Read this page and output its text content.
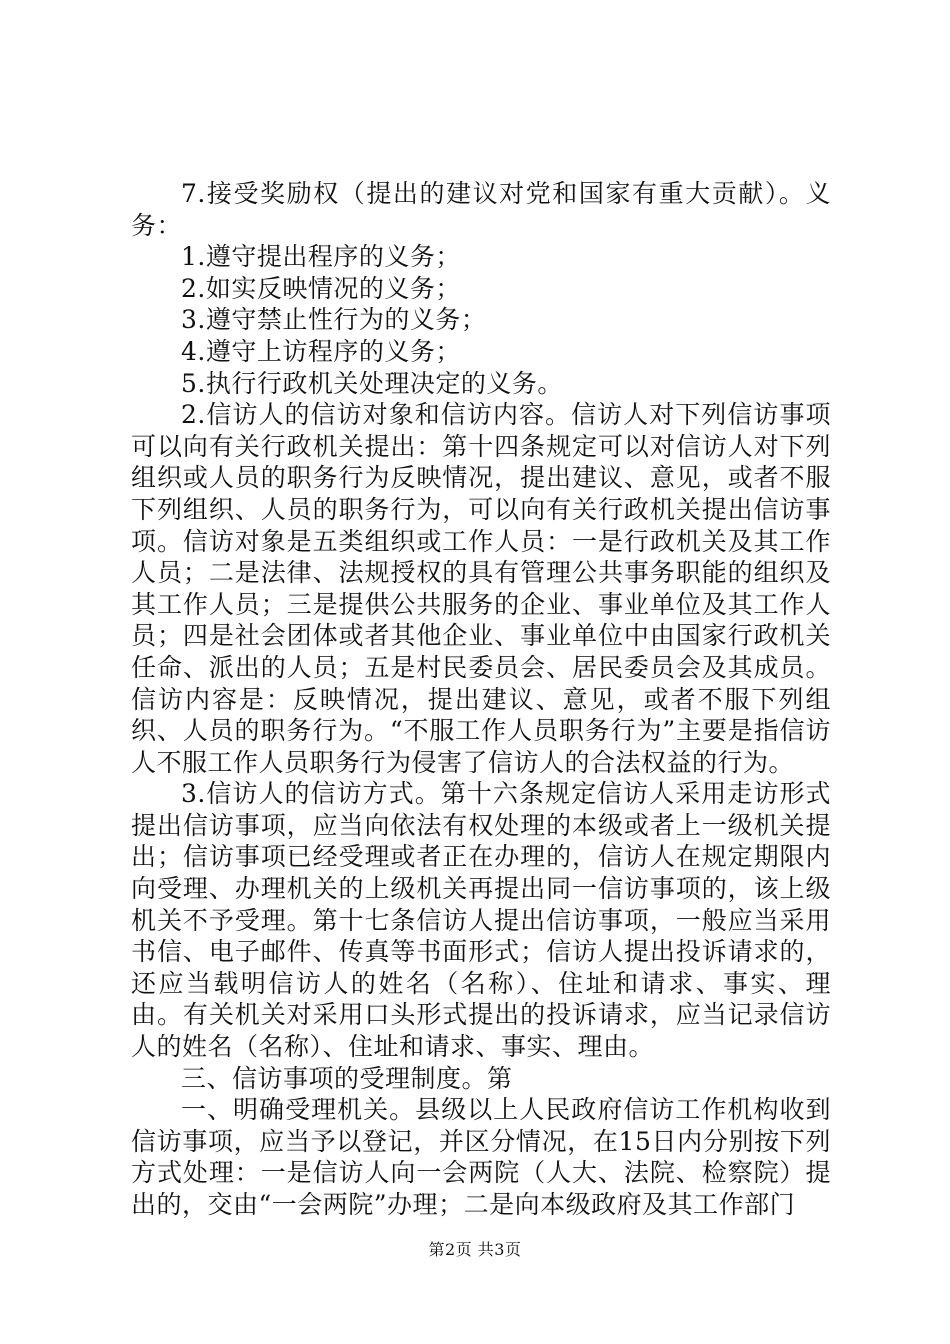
7.接受奖励权（提出的建议对党和国家有重大贡献）。义务：

1.遵守提出程序的义务；

2.如实反映情况的义务；

3.遵守禁止性行为的义务；

4.遵守上访程序的义务；

5.执行行政机关处理决定的义务。

2.信访人的信访对象和信访内容。信访人对下列信访事项可以向有关行政机关提出：第十四条规定可以对信访人对下列组织或人员的职务行为反映情况，提出建议、意见，或者不服下列组织、人员的职务行为，可以向有关行政机关提出信访事项。信访对象是五类组织或工作人员：一是行政机关及其工作人员；二是法律、法规授权的具有管理公共事务职能的组织及其工作人员；三是提供公共服务的企业、事业单位及其工作人员；四是社会团体或者其他企业、事业单位中由国家行政机关任命、派出的人员；五是村民委员会、居民委员会及其成员。信访内容是：反映情况，提出建议、意见，或者不服下列组织、人员的职务行为。“不服工作人员职务行为”主要是指信访人不服工作人员职务行为侵害了信访人的合法权益的行为。

3.信访人的信访方式。第十六条规定信访人采用走访形式提出信访事项，应当向依法有权处理的本级或者上一级机关提出；信访事项已经受理或者正在办理的，信访人在规定期限内向受理、办理机关的上级机关再提出同一信访事项的，该上级机关不予受理。第十七条信访人提出信访事项，一般应当采用书信、电子邮件、传真等书面形式；信访人提出投诉请求的，还应当载明信访人的姓名（名称）、住址和请求、事实、理由。有关机关对采用口头形式提出的投诉请求，应当记录信访人的姓名（名称）、住址和请求、事实、理由。

三、信访事项的受理制度。第

一、明确受理机关。县级以上人民政府信访工作机构收到信访事项，应当予以登记，并区分情况，在15日内分别按下列方式处理：一是信访人向一会两院（人大、法院、检察院）提出的，交由“一会两院”办理；二是向本级政府及其工作部门

第2页 共3页
